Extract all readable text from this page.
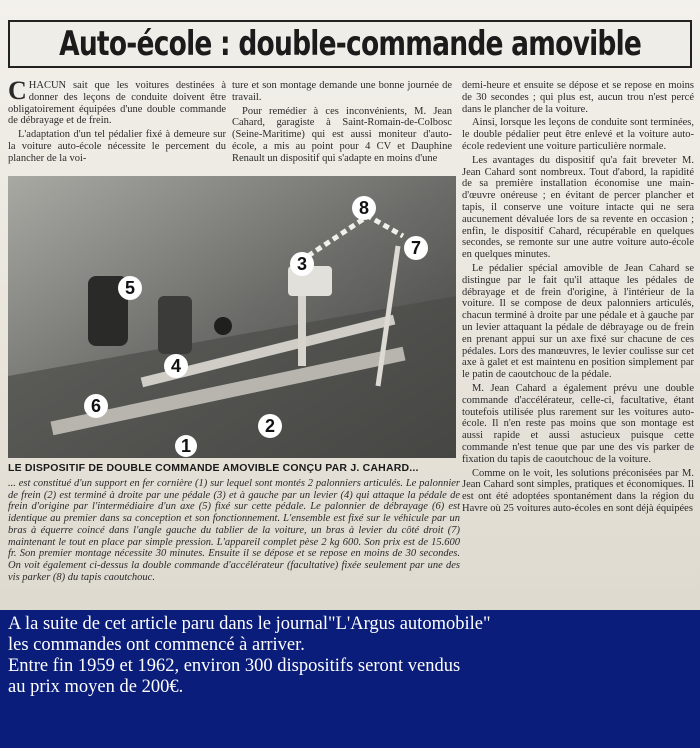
Auto-école : double-commande amovible

CHACUN sait que les voitures destinées à donner des leçons de conduite doivent être obligatoirement équipées d'une double commande de débrayage et de frein.

L'adaptation d'un tel pédalier fixé à demeure sur la voiture auto-école nécessite le percement du plancher de la voi-

ture et son montage demande une bonne journée de travail.

Pour remédier à ces inconvénients, M. Jean Cahard, garagiste à Saint-Romain-de-Colbosc (Seine-Maritime) qui est aussi moniteur d'auto-école, a mis au point pour 4 CV et Dauphine Renault un dispositif qui s'adapte en moins d'une

demi-heure et ensuite se dépose et se repose en moins de 30 secondes ; qui plus est, aucun trou n'est percé dans le plancher de la voiture.

Ainsi, lorsque les leçons de conduite sont terminées, le double pédalier peut être enlevé et la voiture auto-école redevient une voiture particulière normale.

Les avantages du dispositif qu'a fait breveter M. Jean Cahard sont nombreux. Tout d'abord, la rapidité de sa première installation économise une main-d'œuvre onéreuse ; en évitant de percer plancher et tapis, il conserve une voiture intacte qui ne sera aucunement dévaluée lors de sa revente en occasion ; enfin, le dispositif Cahard, récupérable en quelques secondes, se remonte sur une autre voiture auto-école en quelques minutes.

Le pédalier spécial amovible de Jean Cahard se distingue par le fait qu'il attaque les pédales de débrayage et de frein d'origine, à l'intérieur de la voiture. Il se compose de deux palonniers articulés, chacun terminé à droite par une pédale et à gauche par un levier attaquant la pédale de débrayage ou de frein en prenant appui sur un axe fixé sur chacune de ces pédales. Lors des manœuvres, le levier coulisse sur cet axe à galet et est maintenu en position simplement par le patin de caoutchouc de la pédale.

M. Jean Cahard a également prévu une double commande d'accélérateur, celle-ci, facultative, étant toutefois utilisée plus rarement sur les voitures auto-école. Il n'en reste pas moins que son montage est aussi rapide et aussi astucieux puisque cette commande n'est tenue que par une des vis parker de fixation du tapis de caoutchouc de la voiture.

Comme on le voit, les solutions préconisées par M. Jean Cahard sont simples, pratiques et économiques. Il est ont été adoptées spontanément dans la région du Havre où 25 voitures auto-écoles en sont déjà équipées

8
3
7
5
4
6
2
1
LE DISPOSITIF DE DOUBLE COMMANDE AMOVIBLE CONÇU PAR J. CAHARD...
... est constitué d'un support en fer cornière (1) sur lequel sont montés 2 palonniers articulés. Le palonnier de frein (2) est terminé à droite par une pédale (3) et à gauche par un levier (4) qui attaque la pédale de frein d'origine par l'intermédiaire d'un axe (5) fixé sur cette pédale. Le palonnier de débrayage (6) est identique au premier dans sa conception et son fonctionnement. L'ensemble est fixé sur le véhicule par un bras à équerre coincé dans l'angle gauche du tablier de la voiture, un bras à levier du côté droit (7) maintenant le tout en place par simple pression. L'appareil complet pèse 2 kg 600. Son prix est de 15.600 fr. Son premier montage nécessite 30 minutes. Ensuite il se dépose et se repose en moins de 30 secondes. On voit également ci-dessus la double commande d'accélérateur (facultative) fixée seulement par une des vis parker (8) du tapis caoutchouc.
A la suite de cet article paru dans le journal"L'Argus automobile"
les commandes ont commencé à arriver.
Entre fin 1959 et 1962, environ 300 dispositifs seront vendus
au prix moyen de 200€.
